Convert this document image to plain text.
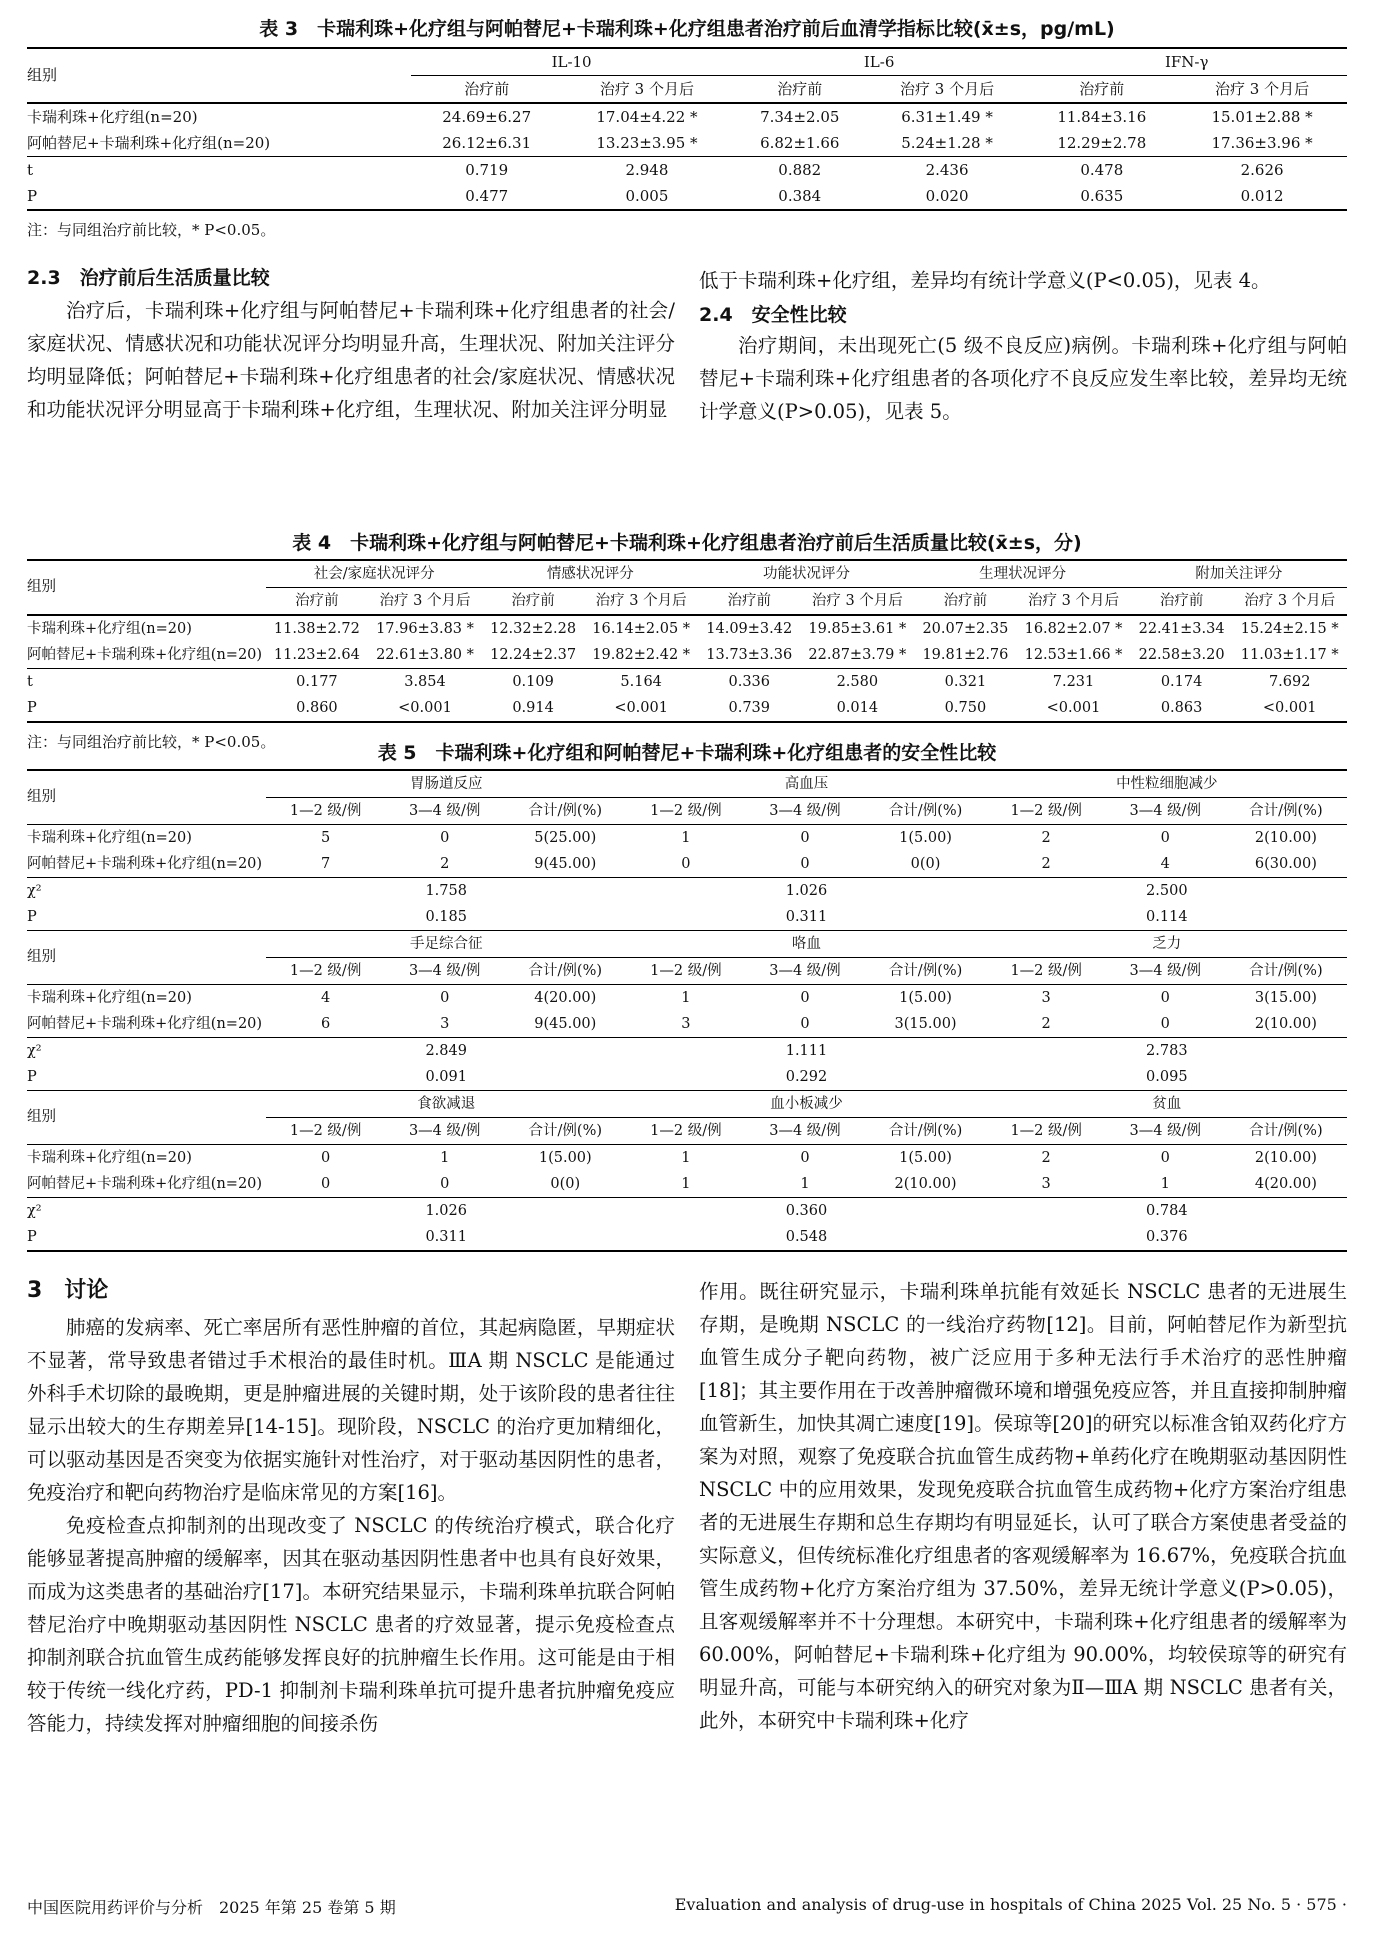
表 3　卡瑞利珠+化疗组与阿帕替尼+卡瑞利珠+化疗组患者治疗前后血清学指标比较(x̄±s，pg/mL)
组别	IL-10		IL-6		IFN-γ	
	治疗前	治疗 3 个月后	治疗前	治疗 3 个月后	治疗前	治疗 3 个月后
卡瑞利珠+化疗组(n=20)	24.69±6.27	17.04±4.22 *	7.34±2.05	6.31±1.49 *	11.84±3.16	15.01±2.88 *
阿帕替尼+卡瑞利珠+化疗组(n=20)	26.12±6.31	13.23±3.95 *	6.82±1.66	5.24±1.28 *	12.29±2.78	17.36±3.96 *
t	0.719	2.948	0.882	2.436	0.478	2.626
P	0.477	0.005	0.384	0.020	0.635	0.012
注：与同组治疗前比较，* P<0.05。
2.3　治疗前后生活质量比较

治疗后，卡瑞利珠+化疗组与阿帕替尼+卡瑞利珠+化疗组患者的社会/家庭状况、情感状况和功能状况评分均明显升高，生理状况、附加关注评分均明显降低；阿帕替尼+卡瑞利珠+化疗组患者的社会/家庭状况、情感状况和功能状况评分明显高于卡瑞利珠+化疗组，生理状况、附加关注评分明显

低于卡瑞利珠+化疗组，差异均有统计学意义(P<0.05)，见表 4。

2.4　安全性比较

治疗期间，未出现死亡(5 级不良反应)病例。卡瑞利珠+化疗组与阿帕替尼+卡瑞利珠+化疗组患者的各项化疗不良反应发生率比较，差异均无统计学意义(P>0.05)，见表 5。

表 4　卡瑞利珠+化疗组与阿帕替尼+卡瑞利珠+化疗组患者治疗前后生活质量比较(x̄±s，分)
组别	社会/家庭状况评分		情感状况评分		功能状况评分		生理状况评分		附加关注评分	
	治疗前	治疗 3 个月后	治疗前	治疗 3 个月后	治疗前	治疗 3 个月后	治疗前	治疗 3 个月后	治疗前	治疗 3 个月后
卡瑞利珠+化疗组(n=20)	11.38±2.72	17.96±3.83 *	12.32±2.28	16.14±2.05 *	14.09±3.42	19.85±3.61 *	20.07±2.35	16.82±2.07 *	22.41±3.34	15.24±2.15 *
阿帕替尼+卡瑞利珠+化疗组(n=20)	11.23±2.64	22.61±3.80 *	12.24±2.37	19.82±2.42 *	13.73±3.36	22.87±3.79 *	19.81±2.76	12.53±1.66 *	22.58±3.20	11.03±1.17 *
t	0.177	3.854	0.109	5.164	0.336	2.580	0.321	7.231	0.174	7.692
P	0.860	<0.001	0.914	<0.001	0.739	0.014	0.750	<0.001	0.863	<0.001
注：与同组治疗前比较，* P<0.05。	表 5　卡瑞利珠+化疗组和阿帕替尼+卡瑞利珠+化疗组患者的安全性比较
组别	胃肠道反应			高血压			中性粒细胞减少		
	1—2 级/例	3—4 级/例	合计/例(%)	1—2 级/例	3—4 级/例	合计/例(%)	1—2 级/例	3—4 级/例	合计/例(%)
卡瑞利珠+化疗组(n=20)	5	0	5(25.00)	1	0	1(5.00)	2	0	2(10.00)
阿帕替尼+卡瑞利珠+化疗组(n=20)	7	2	9(45.00)	0	0	0(0)	2	4	6(30.00)
χ²	1.758			1.026			2.500		
P	0.185			0.311			0.114		
组别	手足综合征			咯血			乏力		
	1—2 级/例	3—4 级/例	合计/例(%)	1—2 级/例	3—4 级/例	合计/例(%)	1—2 级/例	3—4 级/例	合计/例(%)
卡瑞利珠+化疗组(n=20)	4	0	4(20.00)	1	0	1(5.00)	3	0	3(15.00)
阿帕替尼+卡瑞利珠+化疗组(n=20)	6	3	9(45.00)	3	0	3(15.00)	2	0	2(10.00)
χ²	2.849			1.111			2.783		
P	0.091			0.292			0.095		
组别	食欲减退			血小板减少			贫血		
	1—2 级/例	3—4 级/例	合计/例(%)	1—2 级/例	3—4 级/例	合计/例(%)	1—2 级/例	3—4 级/例	合计/例(%)
卡瑞利珠+化疗组(n=20)	0	1	1(5.00)	1	0	1(5.00)	2	0	2(10.00)
阿帕替尼+卡瑞利珠+化疗组(n=20)	0	0	0(0)	1	1	2(10.00)	3	1	4(20.00)
χ²	1.026			0.360			0.784		
P	0.311			0.548			0.376		
3　讨论

肺癌的发病率、死亡率居所有恶性肿瘤的首位，其起病隐匿，早期症状不显著，常导致患者错过手术根治的最佳时机。ⅢA 期 NSCLC 是能通过外科手术切除的最晚期，更是肿瘤进展的关键时期，处于该阶段的患者往往显示出较大的生存期差异[14-15]。现阶段，NSCLC 的治疗更加精细化，可以驱动基因是否突变为依据实施针对性治疗，对于驱动基因阴性的患者，免疫治疗和靶向药物治疗是临床常见的方案[16]。

免疫检查点抑制剂的出现改变了 NSCLC 的传统治疗模式，联合化疗能够显著提高肿瘤的缓解率，因其在驱动基因阴性患者中也具有良好效果，而成为这类患者的基础治疗[17]。本研究结果显示，卡瑞利珠单抗联合阿帕替尼治疗中晚期驱动基因阴性 NSCLC 患者的疗效显著，提示免疫检查点抑制剂联合抗血管生成药能够发挥良好的抗肿瘤生长作用。这可能是由于相较于传统一线化疗药，PD-1 抑制剂卡瑞利珠单抗可提升患者抗肿瘤免疫应答能力，持续发挥对肿瘤细胞的间接杀伤

作用。既往研究显示，卡瑞利珠单抗能有效延长 NSCLC 患者的无进展生存期，是晚期 NSCLC 的一线治疗药物[12]。目前，阿帕替尼作为新型抗血管生成分子靶向药物，被广泛应用于多种无法行手术治疗的恶性肿瘤[18]；其主要作用在于改善肿瘤微环境和增强免疫应答，并且直接抑制肿瘤血管新生，加快其凋亡速度[19]。侯琼等[20]的研究以标准含铂双药化疗方案为对照，观察了免疫联合抗血管生成药物+单药化疗在晚期驱动基因阴性 NSCLC 中的应用效果，发现免疫联合抗血管生成药物+化疗方案治疗组患者的无进展生存期和总生存期均有明显延长，认可了联合方案使患者受益的实际意义，但传统标准化疗组患者的客观缓解率为 16.67%，免疫联合抗血管生成药物+化疗方案治疗组为 37.50%，差异无统计学意义(P>0.05)，且客观缓解率并不十分理想。本研究中，卡瑞利珠+化疗组患者的缓解率为 60.00%，阿帕替尼+卡瑞利珠+化疗组为 90.00%，均较侯琼等的研究有明显升高，可能与本研究纳入的研究对象为Ⅱ—ⅢA 期 NSCLC 患者有关，此外，本研究中卡瑞利珠+化疗

中国医院用药评价与分析　2025 年第 25 卷第 5 期	Evaluation and analysis of drug-use in hospitals of China 2025 Vol. 25 No. 5 · 575 ·
